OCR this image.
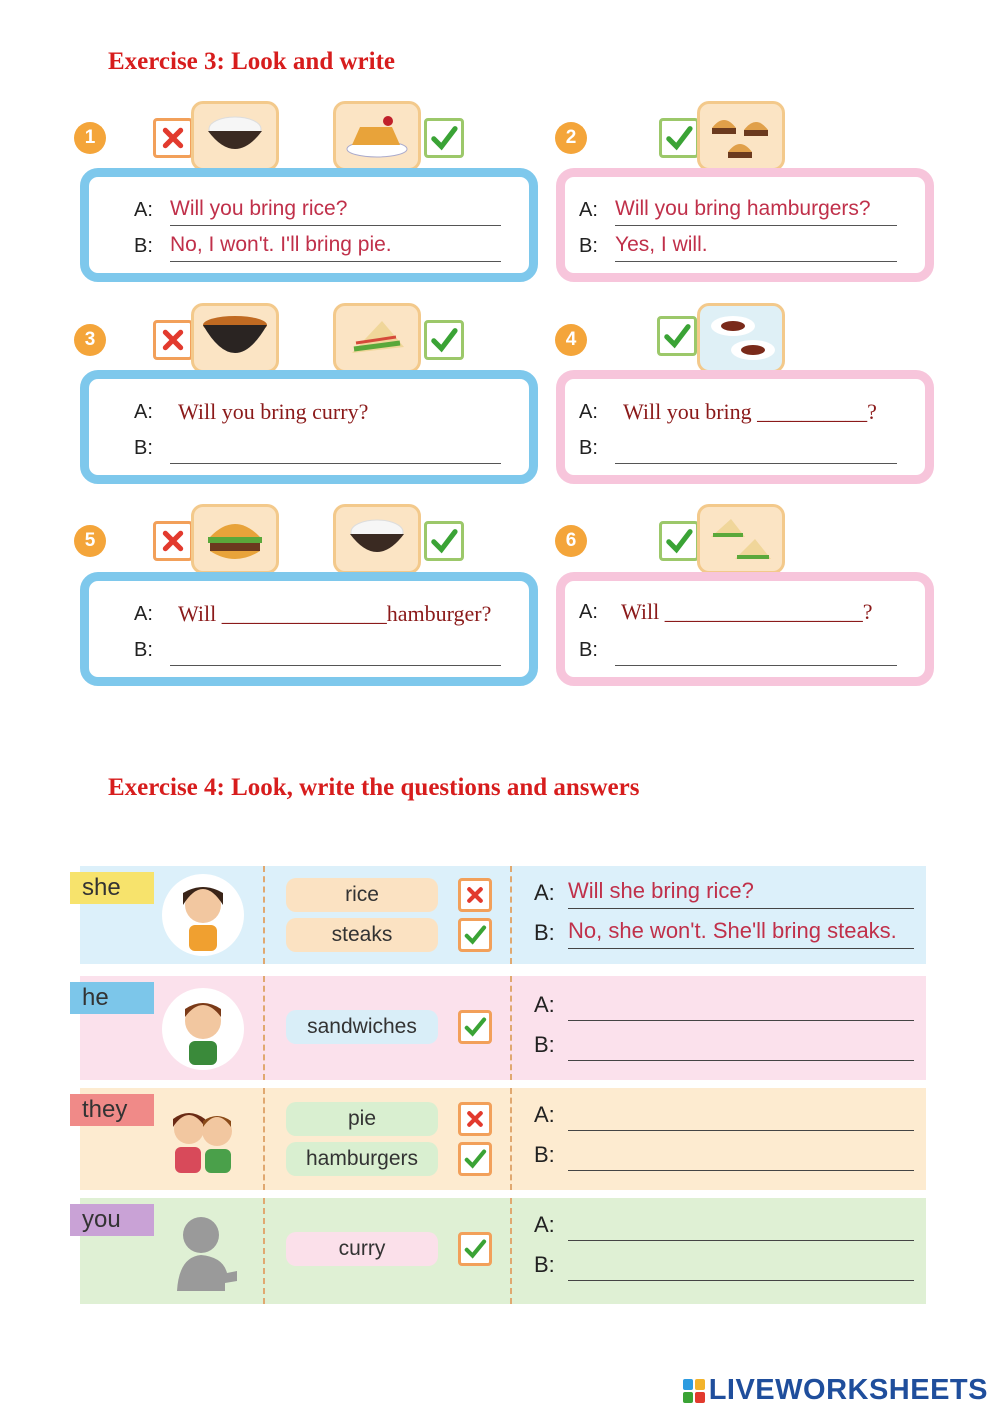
Exercise 3: Look and write
1
A: Will you bring rice?
B: No, I won't. I'll bring pie.
2
A: Will you bring hamburgers?
B: Yes, I will.
3
A: Will you bring curry?
B:
4
A: Will you bring __________?
B:
5
A: Will _______________hamburger?
B:
6
A: Will __________________?
B:
Exercise 4: Look, write the questions and answers
she	rice
steaks
A: Will she bring rice?
B: No, she won't. She'll bring steaks.
he
sandwiches
A:
B:
they	pie
hamburgers
A:
B:
you
curry
A:
B:
LIVEWORKSHEETS
